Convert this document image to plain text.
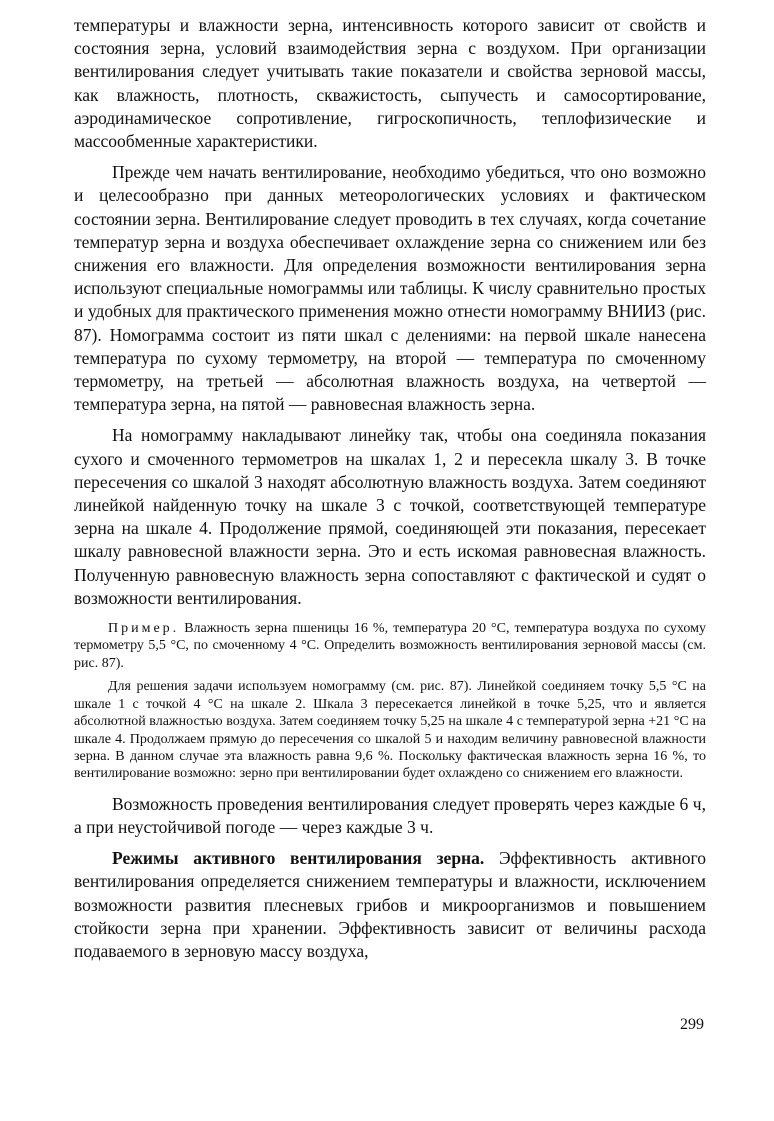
температуры и влажности зерна, интенсивность которого зависит от свойств и состояния зерна, условий взаимодействия зерна с воздухом. При организации вентилирования следует учитывать такие показатели и свойства зерновой массы, как влажность, плотность, скважистость, сыпучесть и самосортирование, аэродинамическое сопротивление, гигроскопичность, теплофизические и массообменные характеристики.

Прежде чем начать вентилирование, необходимо убедиться, что оно возможно и целесообразно при данных метеорологических условиях и фактическом состоянии зерна. Вентилирование следует проводить в тех случаях, когда сочетание температур зерна и воздуха обеспечивает охлаждение зерна со снижением или без снижения его влажности. Для определения возможности вентилирования зерна используют специальные номограммы или таблицы. К числу сравнительно простых и удобных для практического применения можно отнести номограмму ВНИИЗ (рис. 87). Номограмма состоит из пяти шкал с делениями: на первой шкале нанесена температура по сухому термометру, на второй — температура по смоченному термометру, на третьей — абсолютная влажность воздуха, на четвертой — температура зерна, на пятой — равновесная влажность зерна.

На номограмму накладывают линейку так, чтобы она соединяла показания сухого и смоченного термометров на шкалах 1, 2 и пересекла шкалу 3. В точке пересечения со шкалой 3 находят абсолютную влажность воздуха. Затем соединяют линейкой найденную точку на шкале 3 с точкой, соответствующей температуре зерна на шкале 4. Продолжение прямой, соединяющей эти показания, пересекает шкалу равновесной влажности зерна. Это и есть искомая равновесная влажность. Полученную равновесную влажность зерна сопоставляют с фактической и судят о возможности вентилирования.

Пример. Влажность зерна пшеницы 16 %, температура 20 °С, температура воздуха по сухому термометру 5,5 °С, по смоченному 4 °С. Определить возможность вентилирования зерновой массы (см. рис. 87).

Для решения задачи используем номограмму (см. рис. 87). Линейкой соединяем точку 5,5 °С на шкале 1 с точкой 4 °С на шкале 2. Шкала 3 пересекается линейкой в точке 5,25, что и является абсолютной влажностью воздуха. Затем соединяем точку 5,25 на шкале 4 с температурой зерна +21 °С на шкале 4. Продолжаем прямую до пересечения со шкалой 5 и находим величину равновесной влажности зерна. В данном случае эта влажность равна 9,6 %. Поскольку фактическая влажность зерна 16 %, то вентилирование возможно: зерно при вентилировании будет охлаждено со снижением его влажности.

Возможность проведения вентилирования следует проверять через каждые 6 ч, а при неустойчивой погоде — через каждые 3 ч.

Режимы активного вентилирования зерна. Эффективность активного вентилирования определяется снижением температуры и влажности, исключением возможности развития плесневых грибов и микроорганизмов и повышением стойкости зерна при хранении. Эффективность зависит от величины расхода подаваемого в зерновую массу воздуха,

299
